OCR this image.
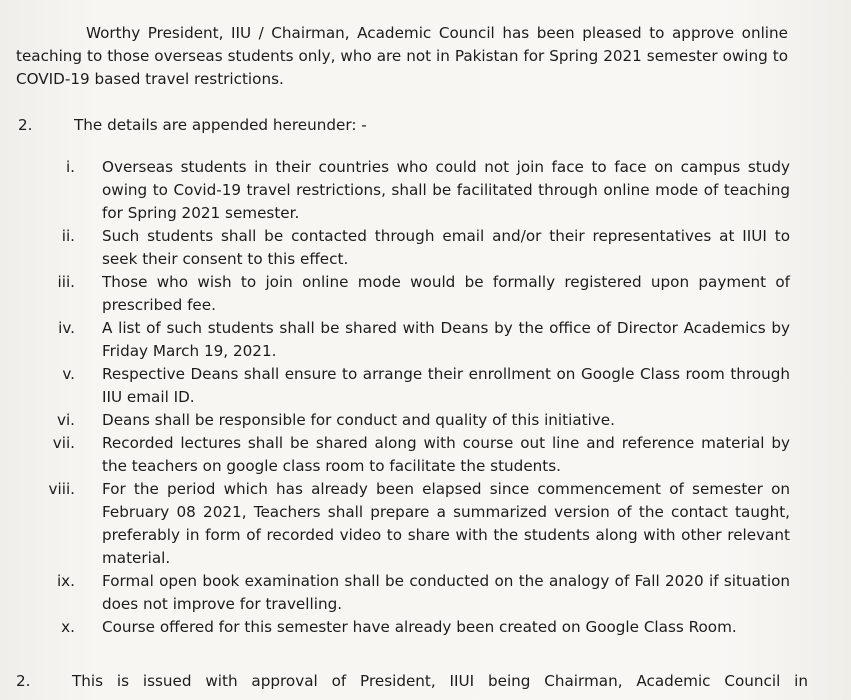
Worthy President, IIU / Chairman, Academic Council has been pleased to approve online teaching to those overseas students only, who are not in Pakistan for Spring 2021 semester owing to COVID-19 based travel restrictions.

2.	The details are appended hereunder: -

i. Overseas students in their countries who could not join face to face on campus study owing to Covid-19 travel restrictions, shall be facilitated through online mode of teaching for Spring 2021 semester.
ii. Such students shall be contacted through email and/or their representatives at IIUI to seek their consent to this effect.
iii. Those who wish to join online mode would be formally registered upon payment of prescribed fee.
iv. A list of such students shall be shared with Deans by the office of Director Academics by Friday March 19, 2021.
v. Respective Deans shall ensure to arrange their enrollment on Google Class room through IIU email ID.
vi. Deans shall be responsible for conduct and quality of this initiative.
vii. Recorded lectures shall be shared along with course out line and reference material by the teachers on google class room to facilitate the students.
viii. For the period which has already been elapsed since commencement of semester on February 08 2021, Teachers shall prepare a summarized version of the contact taught, preferably in form of recorded video to share with the students along with other relevant material.
ix. Formal open book examination shall be conducted on the analogy of Fall 2020 if situation does not improve for travelling.
x. Course offered for this semester have already been created on Google Class Room.
2.	This is issued with approval of President, IIUI being Chairman, Academic Council in
